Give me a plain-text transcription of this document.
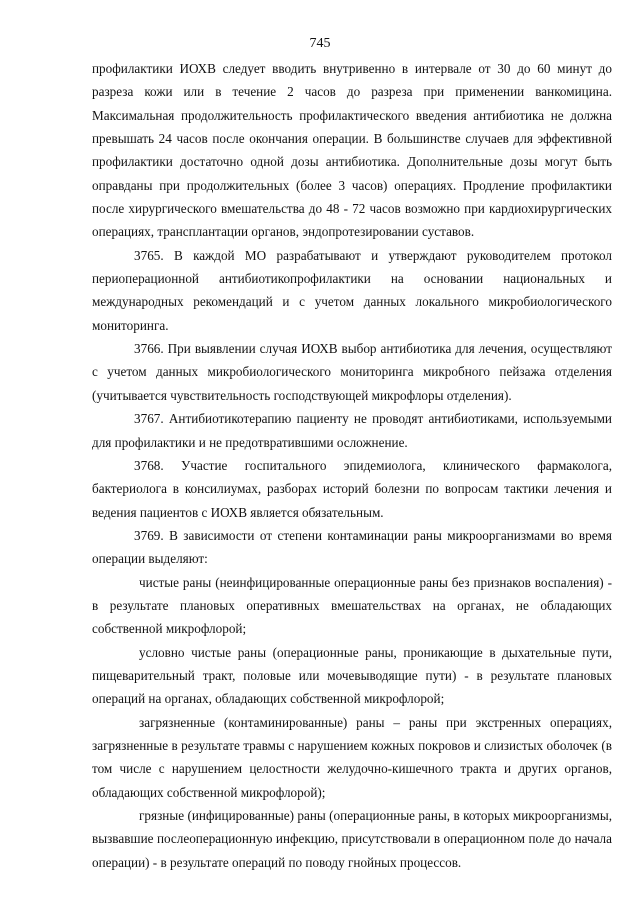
745

профилактики ИОХВ следует вводить внутривенно в интервале от 30 до 60 минут до разреза кожи или в течение 2 часов до разреза при применении ванкомицина. Максимальная продолжительность профилактического введения антибиотика не должна превышать 24 часов после окончания операции. В большинстве случаев для эффективной профилактики достаточно одной дозы антибиотика. Дополнительные дозы могут быть оправданы при продолжительных (более 3 часов) операциях. Продление профилактики после хирургического вмешательства до 48 - 72 часов возможно при кардиохирургических операциях, трансплантации органов, эндопротезировании суставов.

3765. В каждой МО разрабатывают и утверждают руководителем протокол периоперационной антибиотикопрофилактики на основании национальных и международных рекомендаций и с учетом данных локального микробиологического мониторинга.

3766. При выявлении случая ИОХВ выбор антибиотика для лечения, осуществляют с учетом данных микробиологического мониторинга микробного пейзажа отделения (учитывается чувствительность господствующей микрофлоры отделения).

3767. Антибиотикотерапию пациенту не проводят антибиотиками, используемыми для профилактики и не предотвратившими осложнение.

3768. Участие госпитального эпидемиолога, клинического фармаколога, бактериолога в консилиумах, разборах историй болезни по вопросам тактики лечения и ведения пациентов с ИОХВ является обязательным.

3769. В зависимости от степени контаминации раны микроорганизмами во время операции выделяют:

чистые раны (неинфицированные операционные раны без признаков воспаления) - в результате плановых оперативных вмешательствах на органах, не обладающих собственной микрофлорой;

условно чистые раны (операционные раны, проникающие в дыхательные пути, пищеварительный тракт, половые или мочевыводящие пути) - в результате плановых операций на органах, обладающих собственной микрофлорой;

загрязненные (контаминированные) раны – раны при экстренных операциях, загрязненные в результате травмы с нарушением кожных покровов и слизистых оболочек (в том числе с нарушением целостности желудочно-кишечного тракта и других органов, обладающих собственной микрофлорой);

грязные (инфицированные) раны (операционные раны, в которых микроорганизмы, вызвавшие послеоперационную инфекцию, присутствовали в операционном поле до начала операции) - в результате операций по поводу гнойных процессов.
